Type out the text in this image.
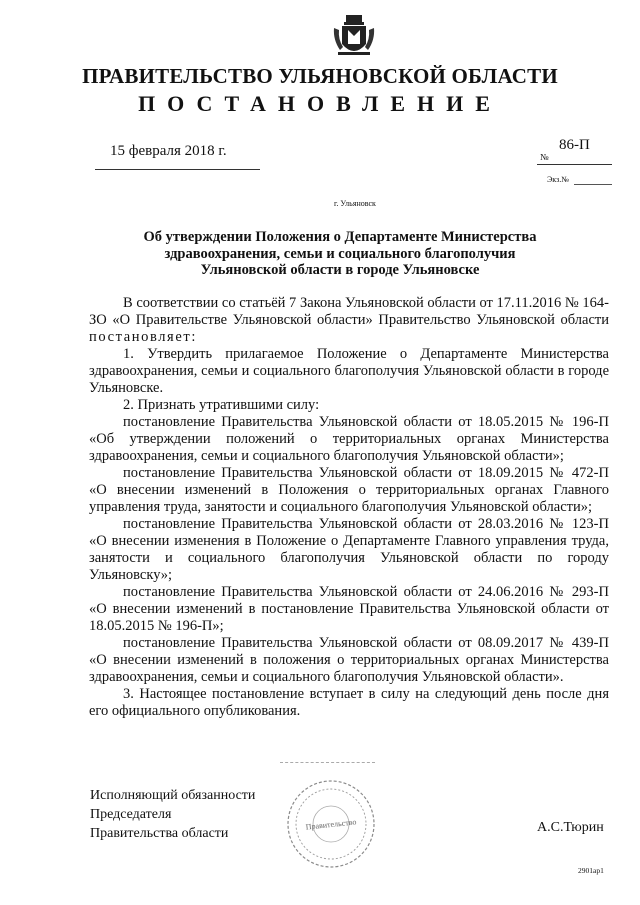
ПРАВИТЕЛЬСТВО УЛЬЯНОВСКОЙ ОБЛАСТИ
ПОСТАНОВЛЕНИЕ
15 февраля 2018 г.	№
86-П
Экз.№
г. Ульяновск
Об утверждении Положения о Департаменте Министерства
здравоохранения, семьи и социального благополучия
Ульяновской области в городе Ульяновске

В соответствии со статьёй 7 Закона Ульяновской области от 17.11.2016 № 164-ЗО «О Правительстве Ульяновской области» Правительство Ульяновской области постановляет:

1. Утвердить прилагаемое Положение о Департаменте Министерства здравоохранения, семьи и социального благополучия Ульяновской области в городе Ульяновске.

2. Признать утратившими силу:

постановление Правительства Ульяновской области от 18.05.2015 № 196-П «Об утверждении положений о территориальных органах Министерства здравоохранения, семьи и социального благополучия Ульяновской области»;

постановление Правительства Ульяновской области от 18.09.2015 № 472-П «О внесении изменений в Положения о территориальных органах Главного управления труда, занятости и социального благополучия Ульяновской области»;

постановление Правительства Ульяновской области от 28.03.2016 № 123-П «О внесении изменения в Положение о Департаменте Главного управления труда, занятости и социального благополучия Ульяновской области по городу Ульяновску»;

постановление Правительства Ульяновской области от 24.06.2016 № 293-П «О внесении изменений в постановление Правительства Ульяновской области от 18.05.2015 № 196-П»;

постановление Правительства Ульяновской области от 08.09.2017 № 439-П «О внесении изменений в положения о территориальных органах Министерства здравоохранения, семьи и социального благополучия Ульяновской области».

3. Настоящее постановление вступает в силу на следующий день после дня его официального опубликования.

Исполняющий обязанности
Председателя
Правительства области
Правительство	А.С.Тюрин
2901ар1
